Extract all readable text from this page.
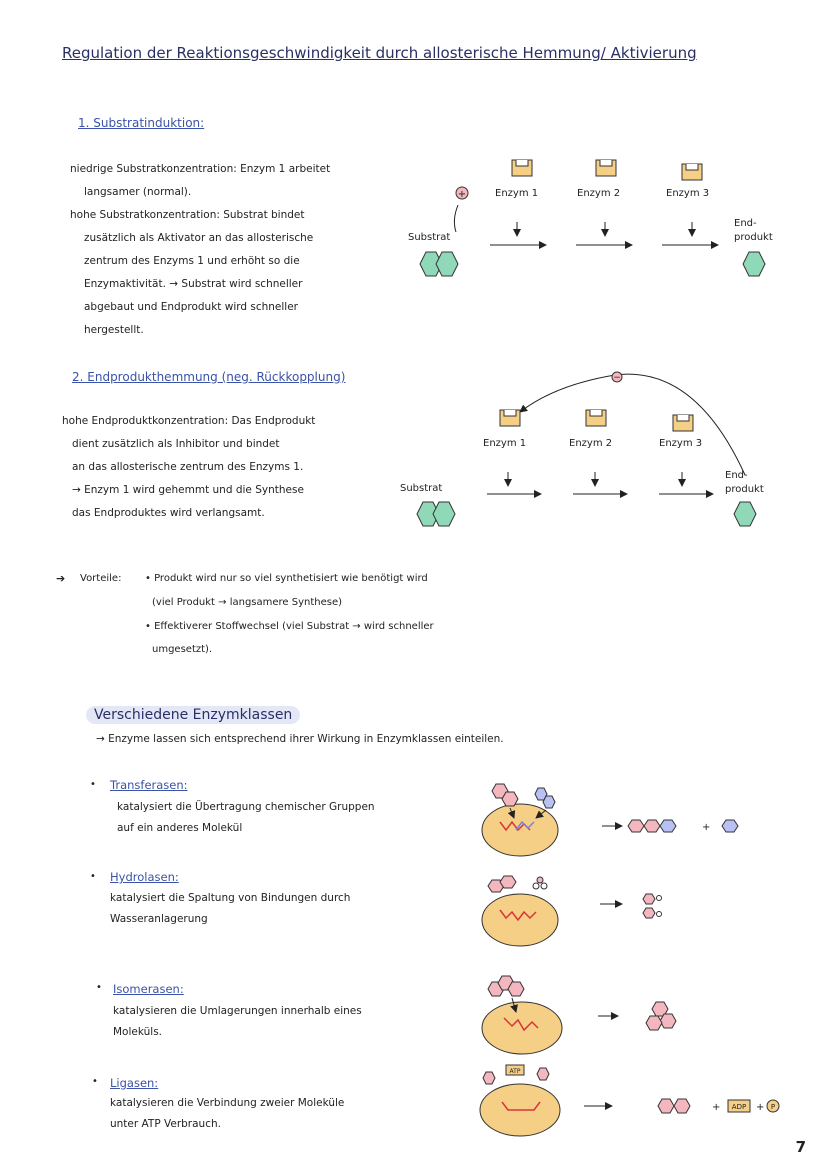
Regulation der Reaktionsgeschwindigkeit durch allosterische Hemmung/ Aktivierung
1. Substratinduktion:

niedrige Substratkonzentration: Enzym 1 arbeitet

langsamer (normal).

hohe Substratkonzentration: Substrat bindet

zusätzlich als Aktivator an das allosterische

zentrum des Enzyms 1 und erhöht so die

Enzymaktivität. → Substrat wird schneller

abgebaut und Endprodukt wird schneller

hergestellt.

+	Enzym 1	Enzym 2	Enzym 3
Substrat
End-
produkt
2. Endprodukthemmung (neg. Rückkopplung)

hohe Endproduktkonzentration: Das Endprodukt

dient zusätzlich als Inhibitor und bindet

an das allosterische zentrum des Enzyms 1.

→ Enzym 1 wird gehemmt und die Synthese

das Endproduktes wird verlangsamt.

−
Enzym 1	Enzym 2	Enzym 3
Substrat
End-
produkt
➔ Vorteile: • Produkt wird nur so viel synthetisiert wie benötigt wird
(viel Produkt → langsamere Synthese)
• Effektiverer Stoffwechsel (viel Substrat → wird schneller
umgesetzt).
Verschiedene Enzymklassen
→ Enzyme lassen sich entsprechend ihrer Wirkung in Enzymklassen einteilen.
• Transferasen:
katalysiert die Übertragung chemischer Gruppen
auf ein anderes Molekül	+
• Hydrolasen:
katalysiert die Spaltung von Bindungen durch
Wasseranlagerung
• Isomerasen:
katalysieren die Umlagerungen innerhalb eines
Moleküls.
• Ligasen:
katalysieren die Verbindung zweier Moleküle
unter ATP Verbrauch.
ATP
+ ADP + P
7
